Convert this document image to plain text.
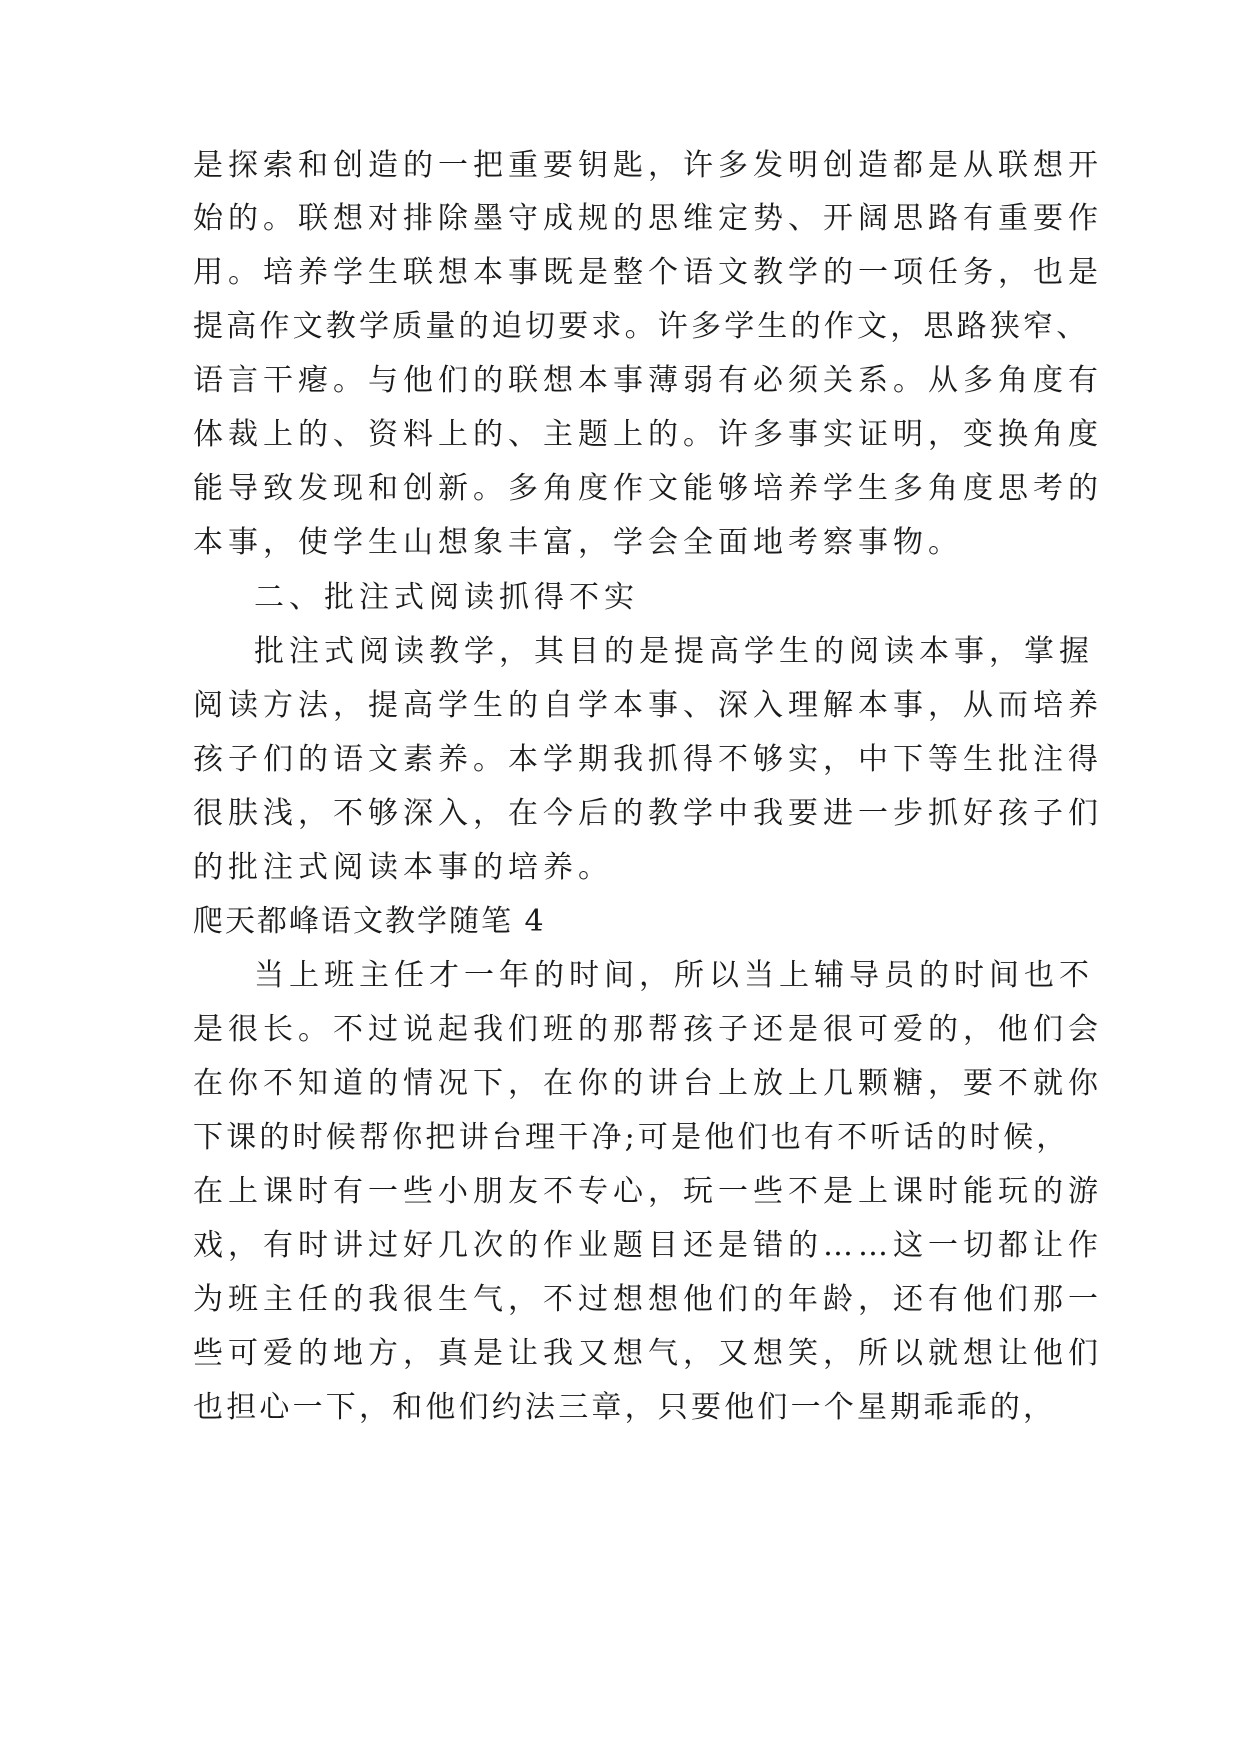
是探索和创造的一把重要钥匙，许多发明创造都是从联想开
始的。联想对排除墨守成规的思维定势、开阔思路有重要作
用。培养学生联想本事既是整个语文教学的一项任务，也是
提高作文教学质量的迫切要求。许多学生的作文，思路狭窄、
语言干瘪。与他们的联想本事薄弱有必须关系。从多角度有
体裁上的、资料上的、主题上的。许多事实证明，变换角度
能导致发现和创新。多角度作文能够培养学生多角度思考的
本事，使学生山想象丰富，学会全面地考察事物。
二、批注式阅读抓得不实
批注式阅读教学，其目的是提高学生的阅读本事，掌握
阅读方法，提高学生的自学本事、深入理解本事，从而培养
孩子们的语文素养。本学期我抓得不够实，中下等生批注得
很肤浅，不够深入，在今后的教学中我要进一步抓好孩子们
的批注式阅读本事的培养。
爬天都峰语文教学随笔 4
当上班主任才一年的时间，所以当上辅导员的时间也不
是很长。不过说起我们班的那帮孩子还是很可爱的，他们会
在你不知道的情况下，在你的讲台上放上几颗糖，要不就你
下课的时候帮你把讲台理干净;可是他们也有不听话的时候，
在上课时有一些小朋友不专心，玩一些不是上课时能玩的游
戏，有时讲过好几次的作业题目还是错的……这一切都让作
为班主任的我很生气，不过想想他们的年龄，还有他们那一
些可爱的地方，真是让我又想气，又想笑，所以就想让他们
也担心一下，和他们约法三章，只要他们一个星期乖乖的，
